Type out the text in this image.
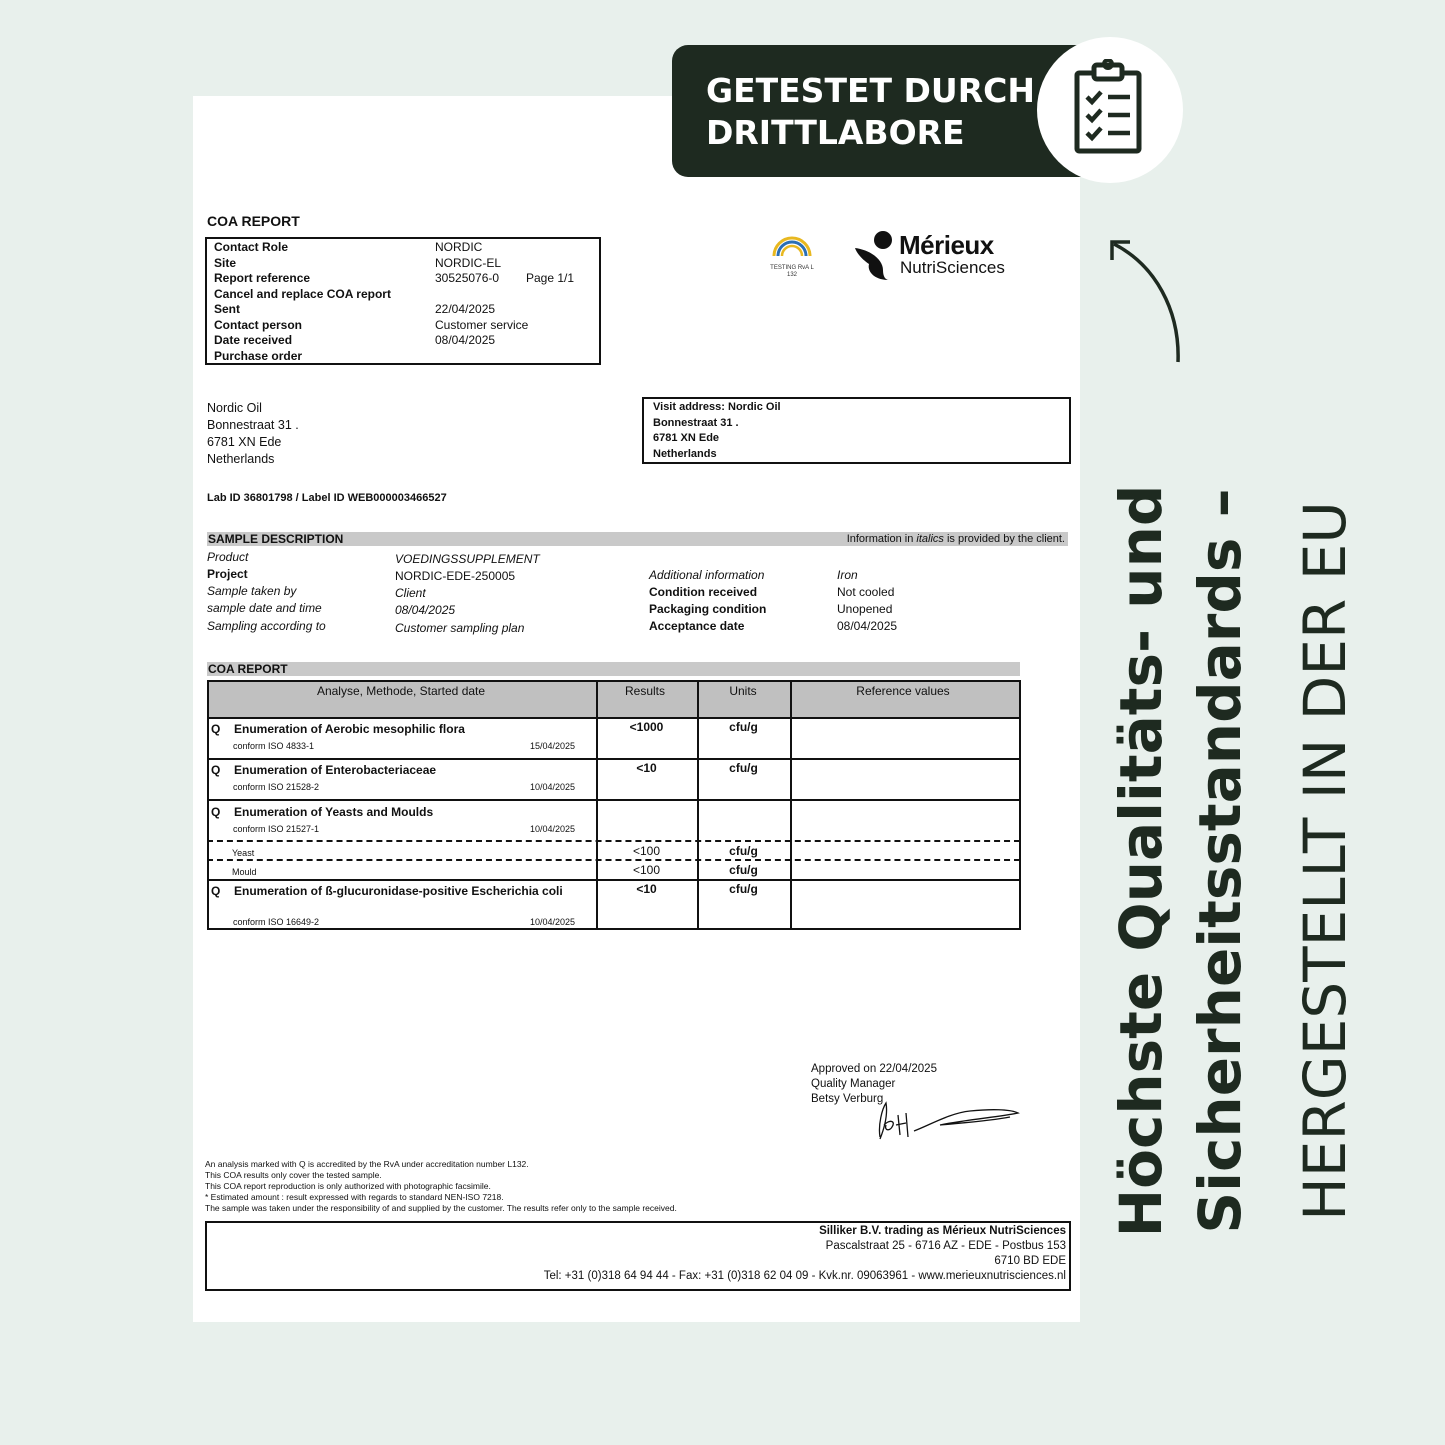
GETESTET DURCH
DRITTLABORE
Höchste Qualitäts- und Sicherheitsstandards – HERGESTELLT IN DER EU
COA REPORT
TESTING RvA L 132
Mérieux
NutriSciences
Contact Role	NORDIC
Site	NORDIC-EL
Report reference	30525076-0 Page 1/1
Cancel and replace COA report
Sent	22/04/2025
Contact person	Customer service
Date received	08/04/2025
Purchase order
Nordic Oil
Bonnestraat 31 .
6781 XN Ede
Netherlands
Visit address: Nordic Oil
Bonnestraat 31 .
6781 XN Ede
Netherlands
Lab ID 36801798 / Label ID WEB000003466527
SAMPLE DESCRIPTION	Information in italics is provided by the client.
Product	VOEDINGSSUPPLEMENT
Project	NORDIC-EDE-250005
Sample taken by	Client
sample date and time	08/04/2025
Sampling according to	Customer sampling plan
Additional information	Iron
Condition received	Not cooled
Packaging condition	Unopened
Acceptance date	08/04/2025
COA REPORT
Analyse, Methode, Started date	Results	Units	Reference values
Q Enumeration of Aerobic mesophilic flora
conform ISO 4833-1	15/04/2025
<1000	cfu/g
Q Enumeration of Enterobacteriaceae
conform ISO 21528-2	10/04/2025
<10	cfu/g
Q Enumeration of Yeasts and Moulds
conform ISO 21527-1	10/04/2025
Yeast	<100	cfu/g
Mould	<100	cfu/g
Q Enumeration of ß-glucuronidase-positive Escherichia coli
conform ISO 16649-2	10/04/2025
<10	cfu/g
Approved on 22/04/2025
Quality Manager
Betsy Verburg
An analysis marked with Q is accredited by the RvA under accreditation number L132.
This COA results only cover the tested sample.
This COA report reproduction is only authorized with photographic facsimile.
* Estimated amount : result expressed with regards to standard NEN-ISO 7218.
The sample was taken under the responsibility of and supplied by the customer. The results refer only to the sample received.
Silliker B.V. trading as Mérieux NutriSciences
Pascalstraat 25 - 6716 AZ - EDE - Postbus 153
6710 BD EDE
Tel: +31 (0)318 64 94 44 - Fax: +31 (0)318 62 04 09 - Kvk.nr. 09063961 - www.merieuxnutrisciences.nl
